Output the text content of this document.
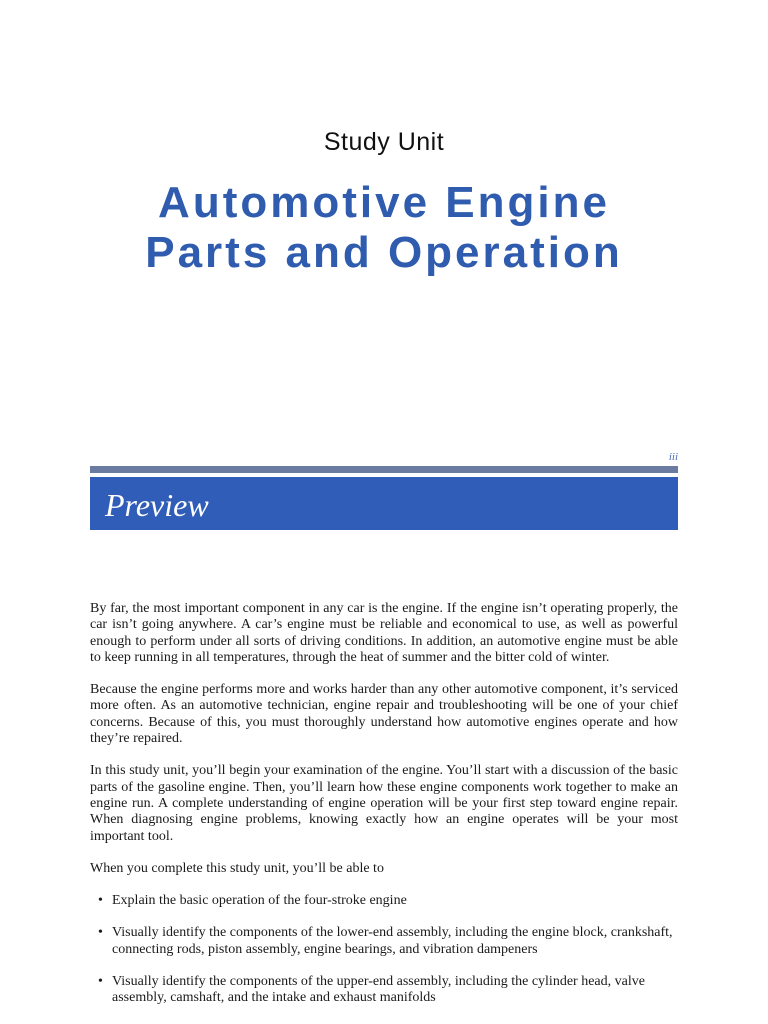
Study Unit
Automotive Engine
Parts and Operation
iii
Preview

By far, the most important component in any car is the engine. If the engine isn’t operating properly, the car isn’t going anywhere. A car’s engine must be reliable and economical to use, as well as powerful enough to perform under all sorts of driving conditions. In addition, an automotive engine must be able to keep running in all temperatures, through the heat of summer and the bitter cold of winter.

Because the engine performs more and works harder than any other automotive component, it’s serviced more often. As an automotive technician, engine repair and troubleshooting will be one of your chief concerns. Because of this, you must thoroughly understand how automotive engines operate and how they’re repaired.

In this study unit, you’ll begin your examination of the engine. You’ll start with a discussion of the basic parts of the gasoline engine. Then, you’ll learn how these engine components work together to make an engine run. A complete understanding of engine operation will be your first step toward engine repair. When diagnosing engine problems, knowing exactly how an engine operates will be your most important tool.

When you complete this study unit, you’ll be able to

• Explain the basic operation of the four-stroke engine
• Visually identify the components of the lower-end assembly, including the engine block, crankshaft, connecting rods, piston assembly, engine bearings, and vibration dampeners
• Visually identify the components of the upper-end assembly, including the cylinder head, valve assembly, camshaft, and the intake and exhaust manifolds
